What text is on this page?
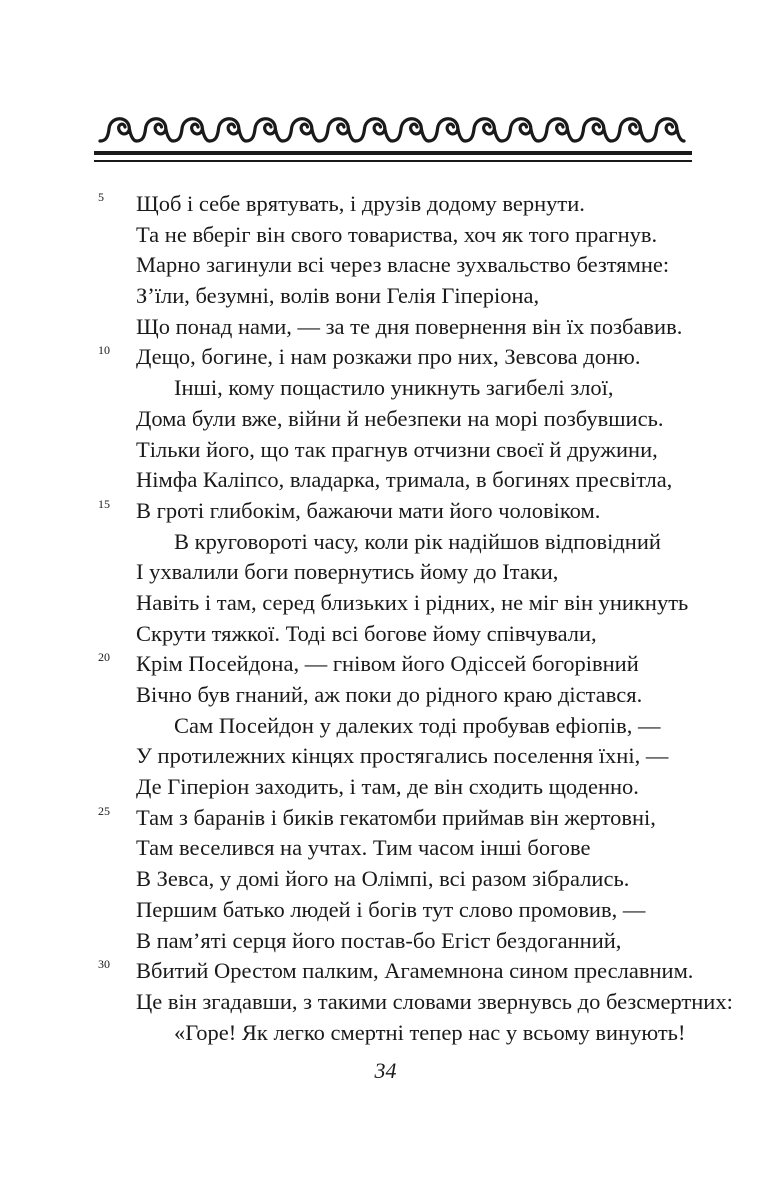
5 Щоб і себе врятувать, і друзів додому вернути.
Та не вберіг він свого товариства, хоч як того прагнув.
Марно загинули всі через власне зухвальство безтямне:
З’їли, безумні, волів вони Гелія Гіперіона,
Що понад нами, — за те дня повернення він їх позбавив.
10 Дещо, богине, і нам розкажи про них, Зевсова доню.
Інші, кому пощастило уникнуть загибелі злої,
Дома були вже, війни й небезпеки на морі позбувшись.
Тільки його, що так прагнув отчизни своєї й дружини,
Німфа Каліпсо, владарка, тримала, в богинях пресвітла,
15 В гроті глибокім, бажаючи мати його чоловіком.
В круговороті часу, коли рік надійшов відповідний
І ухвалили боги повернутись йому до Ітаки,
Навіть і там, серед близьких і рідних, не міг він уникнуть
Скрути тяжкої. Тоді всі богове йому співчували,
20 Крім Посейдона, — гнівом його Одіссей богорівний
Вічно був гнаний, аж поки до рідного краю дістався.
Сам Посейдон у далеких тоді пробував ефіопів, —
У протилежних кінцях простягались поселення їхні, —
Де Гіперіон заходить, і там, де він сходить щоденно.
25 Там з баранів і биків гекатомби приймав він жертовні,
Там веселився на учтах. Тим часом інші богове
В Зевса, у домі його на Олімпі, всі разом зібрались.
Першим батько людей і богів тут слово промовив, —
В пам’яті серця його постав-бо Егіст бездоганний,
30 Вбитий Орестом палким, Агамемнона сином преславним.
Це він згадавши, з такими словами звернувсь до безсмертних:
«Горе! Як легко смертні тепер нас у всьому винують!
34
